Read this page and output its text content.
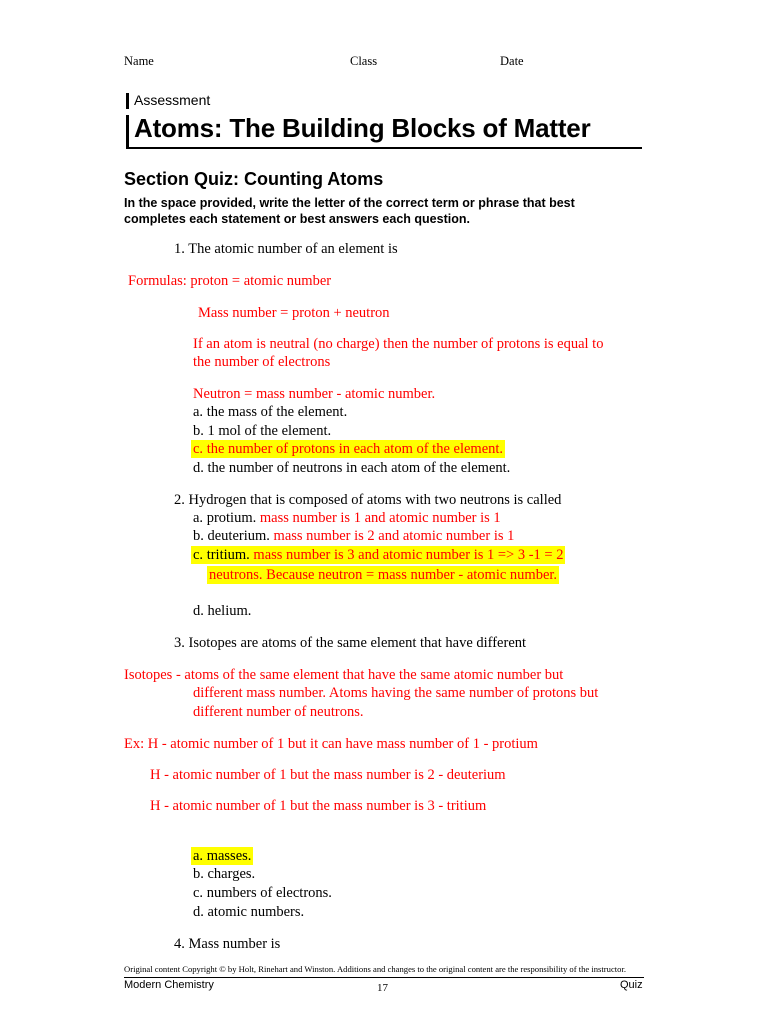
Name	Class	Date
Assessment
Atoms: The Building Blocks of Matter
Section Quiz: Counting Atoms
In the space provided, write the letter of the correct term or phrase that best
completes each statement or best answers each question.
1. The atomic number of an element is
Formulas: proton = atomic number
Mass number = proton + neutron
If an atom is neutral (no charge) then the number of protons is equal to
the number of electrons
Neutron = mass number - atomic number.
a. the mass of the element.
b. 1 mol of the element.
c. the number of protons in each atom of the element.
d. the number of neutrons in each atom of the element.
2. Hydrogen that is composed of atoms with two neutrons is called
a. protium. mass number is 1 and atomic number is 1
b. deuterium. mass number is 2 and atomic number is 1
c. tritium. mass number is 3 and atomic number is 1 => 3 -1 = 2
neutrons. Because neutron = mass number - atomic number.
d. helium.
3. Isotopes are atoms of the same element that have different
Isotopes - atoms of the same element that have the same atomic number but
different mass number. Atoms having the same number of protons but
different number of neutrons.
Ex: H - atomic number of 1 but it can have mass number of 1 - protium
H - atomic number of 1 but the mass number is 2 - deuterium
H - atomic number of 1 but the mass number is 3 - tritium
a. masses.
b. charges.
c. numbers of electrons.
d. atomic numbers.
4. Mass number is
Original content Copyright © by Holt, Rinehart and Winston. Additions and changes to the original content are the responsibility of the instructor.
Modern Chemistry	17	Quiz
